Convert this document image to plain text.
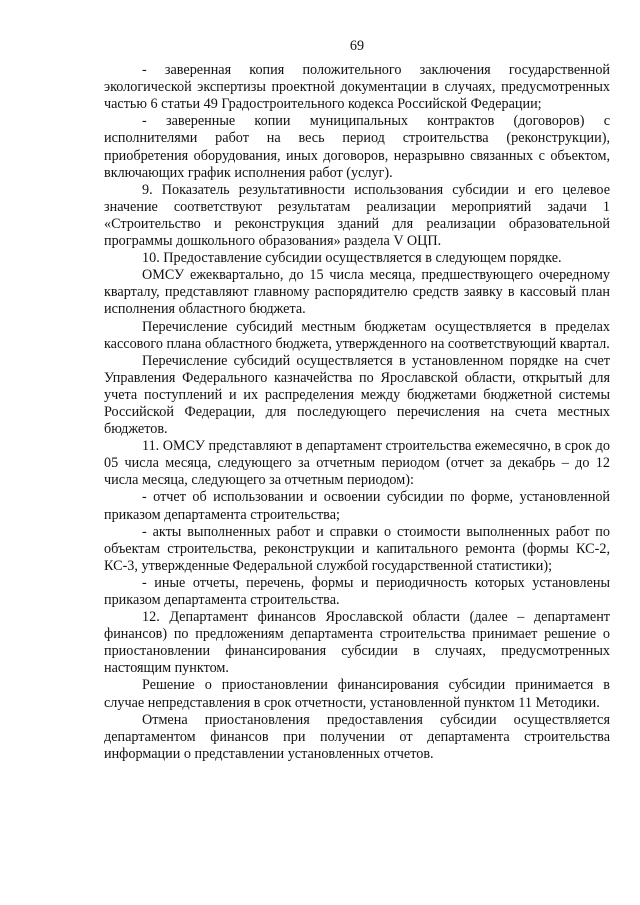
69

- заверенная копия положительного заключения государственной экологической экспертизы проектной документации в случаях, предусмотренных частью 6 статьи 49 Градостроительного кодекса Российской Федерации;

- заверенные копии муниципальных контрактов (договоров) с исполнителями работ на весь период строительства (реконструкции), приобретения оборудования, иных договоров, неразрывно связанных с объектом, включающих график исполнения работ (услуг).

9. Показатель результативности использования субсидии и его целевое значение соответствуют результатам реализации мероприятий задачи 1 «Строительство и реконструкция зданий для реализации образовательной программы дошкольного образования» раздела V ОЦП.

10. Предоставление субсидии осуществляется в следующем порядке.

ОМСУ ежеквартально, до 15 числа месяца, предшествующего очередному кварталу, представляют главному распорядителю средств заявку в кассовый план исполнения областного бюджета.

Перечисление субсидий местным бюджетам осуществляется в пределах кассового плана областного бюджета, утвержденного на соответствующий квартал.

Перечисление субсидий осуществляется в установленном порядке на счет Управления Федерального казначейства по Ярославской области, открытый для учета поступлений и их распределения между бюджетами бюджетной системы Российской Федерации, для последующего перечисления на счета местных бюджетов.

11. ОМСУ представляют в департамент строительства ежемесячно, в срок до 05 числа месяца, следующего за отчетным периодом (отчет за декабрь – до 12 числа месяца, следующего за отчетным периодом):

- отчет об использовании и освоении субсидии по форме, установленной приказом департамента строительства;

- акты выполненных работ и справки о стоимости выполненных работ по объектам строительства, реконструкции и капитального ремонта (формы КС-2, КС-3, утвержденные Федеральной службой государственной статистики);

- иные отчеты, перечень, формы и периодичность которых установлены приказом департамента строительства.

12. Департамент финансов Ярославской области (далее – департамент финансов) по предложениям департамента строительства принимает решение о приостановлении финансирования субсидии в случаях, предусмотренных настоящим пунктом.

Решение о приостановлении финансирования субсидии принимается в случае непредставления в срок отчетности, установленной пунктом 11 Методики.

Отмена приостановления предоставления субсидии осуществляется департаментом финансов при получении от департамента строительства информации о представлении установленных отчетов.
